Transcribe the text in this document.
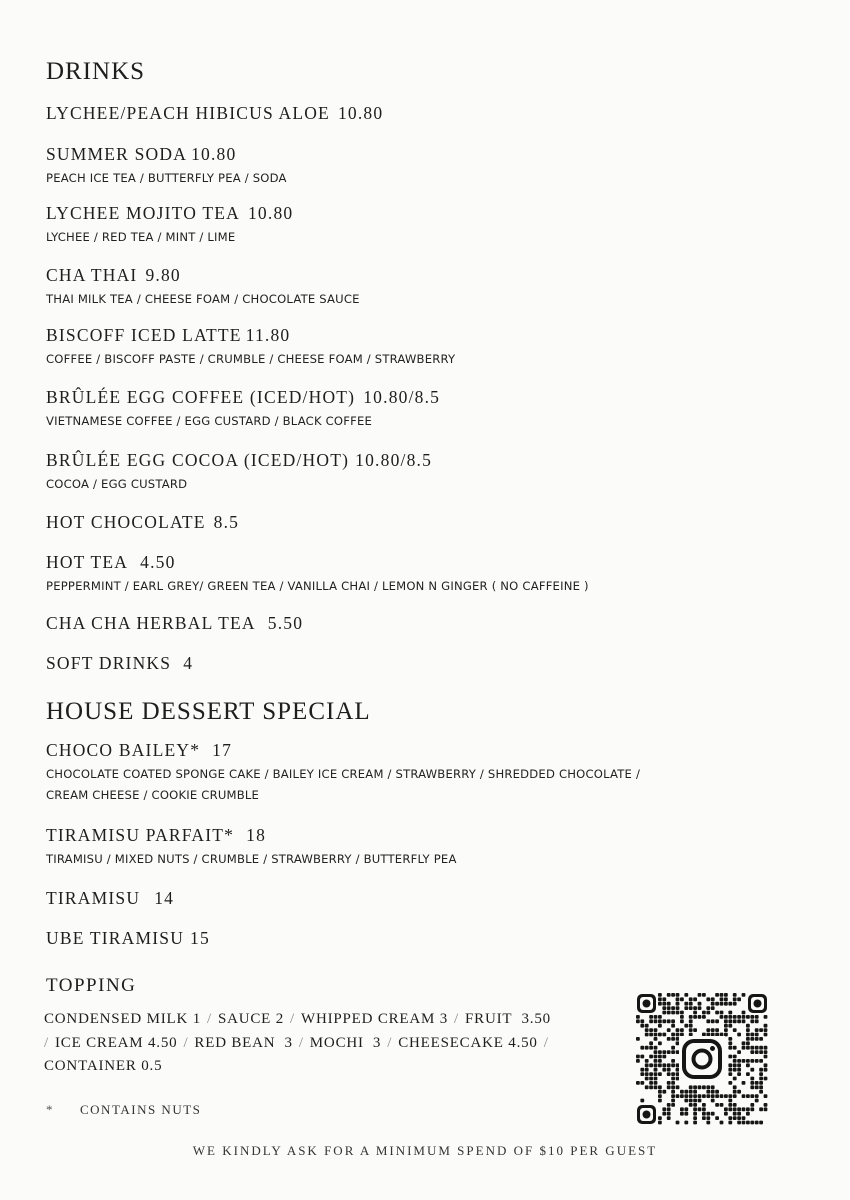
DRINKS
LYCHEE/PEACH HIBICUS ALOE 10.80
SUMMER SODA 10.80
PEACH ICE TEA / BUTTERFLY PEA / SODA
LYCHEE MOJITO TEA 10.80
LYCHEE / RED TEA / MINT / LIME
CHA THAI 9.80
THAI MILK TEA / CHEESE FOAM / CHOCOLATE SAUCE
BISCOFF ICED LATTE 11.80
COFFEE / BISCOFF PASTE / CRUMBLE / CHEESE FOAM / STRAWBERRY
BRÛLÉE EGG COFFEE (ICED/HOT) 10.80/8.5
VIETNAMESE COFFEE / EGG CUSTARD / BLACK COFFEE
BRÛLÉE EGG COCOA (ICED/HOT) 10.80/8.5
COCOA / EGG CUSTARD
HOT CHOCOLATE 8.5
HOT TEA 4.50
PEPPERMINT / EARL GREY/ GREEN TEA / VANILLA CHAI / LEMON N GINGER ( NO CAFFEINE )
CHA CHA HERBAL TEA 5.50
SOFT DRINKS 4
HOUSE DESSERT SPECIAL
CHOCO BAILEY* 17
CHOCOLATE COATED SPONGE CAKE / BAILEY ICE CREAM / STRAWBERRY / SHREDDED CHOCOLATE /
CREAM CHEESE / COOKIE CRUMBLE
TIRAMISU PARFAIT* 18
TIRAMISU / MIXED NUTS / CRUMBLE / STRAWBERRY / BUTTERFLY PEA
TIRAMISU 14
UBE TIRAMISU 15
TOPPING
CONDENSED MILK 1 / SAUCE 2 / WHIPPED CREAM 3 / FRUIT 3.50
/ ICE CREAM 4.50 / RED BEAN 3 / MOCHI 3 / CHEESECAKE 4.50 /
CONTAINER 0.5
* CONTAINS NUTS
WE KINDLY ASK FOR A MINIMUM SPEND OF $10 PER GUEST
